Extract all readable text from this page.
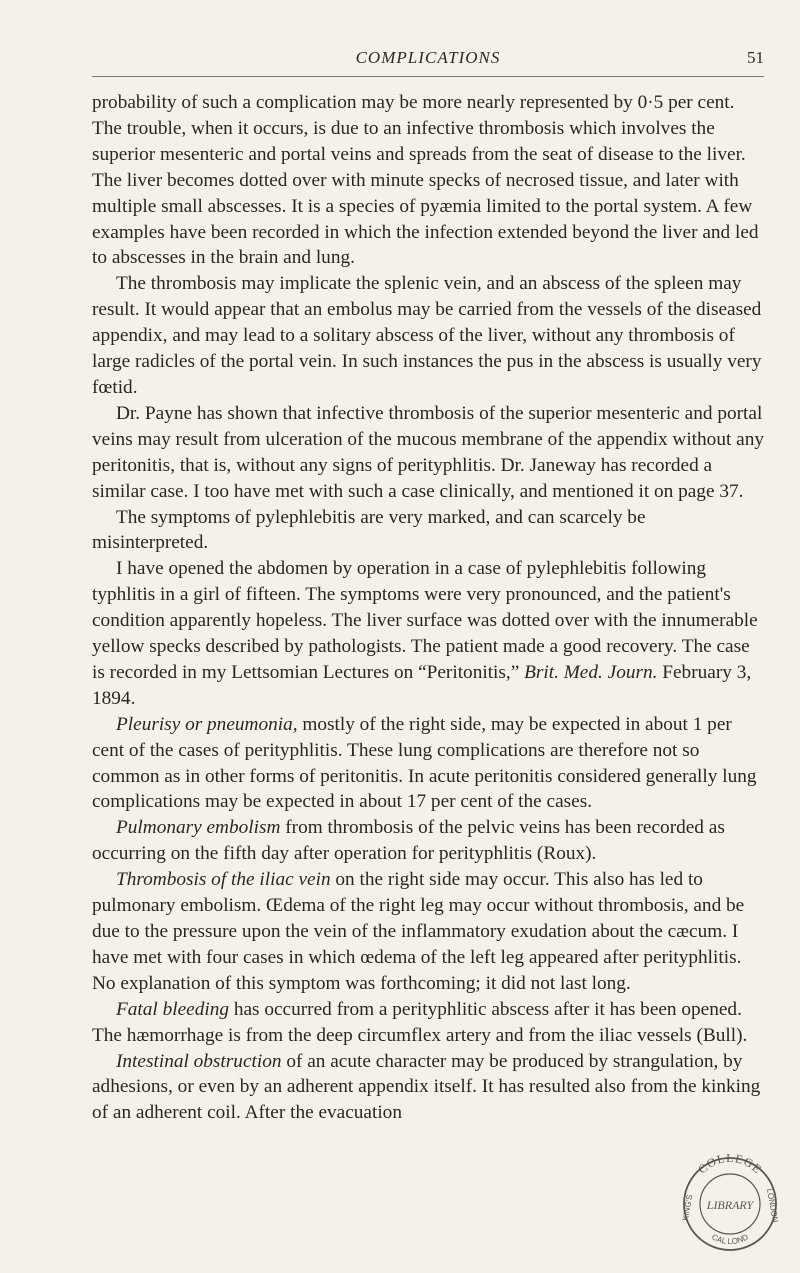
COMPLICATIONS	51

probability of such a complication may be more nearly represented by 0·5 per cent. The trouble, when it occurs, is due to an infective thrombosis which involves the superior mesenteric and portal veins and spreads from the seat of disease to the liver. The liver becomes dotted over with minute specks of necrosed tissue, and later with multiple small abscesses. It is a species of pyæmia limited to the portal system. A few examples have been recorded in which the infection extended beyond the liver and led to abscesses in the brain and lung.

The thrombosis may implicate the splenic vein, and an abscess of the spleen may result. It would appear that an embolus may be carried from the vessels of the diseased appendix, and may lead to a solitary abscess of the liver, without any thrombosis of large radicles of the portal vein. In such instances the pus in the abscess is usually very fœtid.

Dr. Payne has shown that infective thrombosis of the superior mesenteric and portal veins may result from ulceration of the mucous membrane of the appendix without any peritonitis, that is, without any signs of perityphlitis. Dr. Janeway has recorded a similar case. I too have met with such a case clinically, and mentioned it on page 37.

The symptoms of pylephlebitis are very marked, and can scarcely be misinterpreted.

I have opened the abdomen by operation in a case of pylephlebitis following typhlitis in a girl of fifteen. The symptoms were very pronounced, and the patient's condition apparently hopeless. The liver surface was dotted over with the innumerable yellow specks described by pathologists. The patient made a good recovery. The case is recorded in my Lettsomian Lectures on “Peritonitis,” Brit. Med. Journ. February 3, 1894.

Pleurisy or pneumonia, mostly of the right side, may be expected in about 1 per cent of the cases of perityphlitis. These lung complications are therefore not so common as in other forms of peritonitis. In acute peritonitis considered generally lung complications may be expected in about 17 per cent of the cases.

Pulmonary embolism from thrombosis of the pelvic veins has been recorded as occurring on the fifth day after operation for perityphlitis (Roux).

Thrombosis of the iliac vein on the right side may occur. This also has led to pulmonary embolism. Œdema of the right leg may occur without thrombosis, and be due to the pressure upon the vein of the inflammatory exudation about the cæcum. I have met with four cases in which œdema of the left leg appeared after perityphlitis. No explanation of this symptom was forthcoming; it did not last long.

Fatal bleeding has occurred from a perityphlitic abscess after it has been opened. The hæmorrhage is from the deep circumflex artery and from the iliac vessels (Bull).

Intestinal obstruction of an acute character may be produced by strangulation, by adhesions, or even by an adherent appendix itself. It has resulted also from the kinking of an adherent coil. After the evacuation

COLLEGE
LIBRARY
KING'S	LONDON
CAL LOND
